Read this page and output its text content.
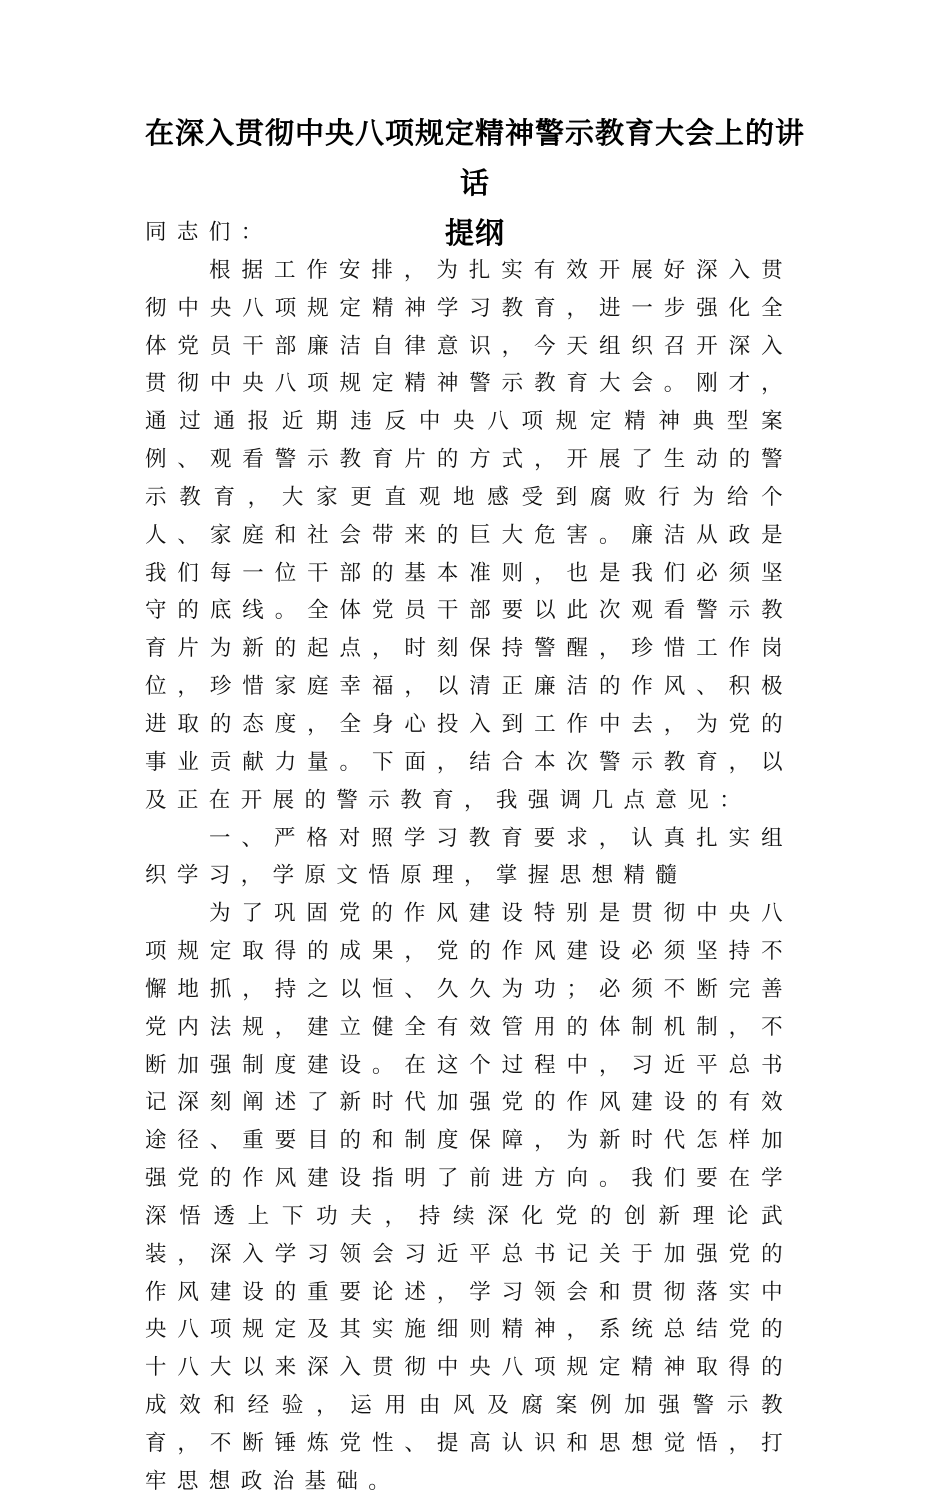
在深入贯彻中央八项规定精神警示教育大会上的讲话
提纲

同志们：

根据工作安排，为扎实有效开展好深入贯彻中央八项规定精神学习教育，进一步强化全体党员干部廉洁自律意识，今天组织召开深入贯彻中央八项规定精神警示教育大会。刚才，通过通报近期违反中央八项规定精神典型案例、观看警示教育片的方式，开展了生动的警示教育，大家更直观地感受到腐败行为给个人、家庭和社会带来的巨大危害。廉洁从政是我们每一位干部的基本准则，也是我们必须坚守的底线。全体党员干部要以此次观看警示教育片为新的起点，时刻保持警醒，珍惜工作岗位，珍惜家庭幸福，以清正廉洁的作风、积极进取的态度，全身心投入到工作中去，为党的事业贡献力量。下面，结合本次警示教育，以及正在开展的警示教育，我强调几点意见：

一、严格对照学习教育要求，认真扎实组织学习，学原文悟原理，掌握思想精髓

为了巩固党的作风建设特别是贯彻中央八项规定取得的成果，党的作风建设必须坚持不懈地抓，持之以恒、久久为功；必须不断完善党内法规，建立健全有效管用的体制机制，不断加强制度建设。在这个过程中，习近平总书记深刻阐述了新时代加强党的作风建设的有效途径、重要目的和制度保障，为新时代怎样加强党的作风建设指明了前进方向。我们要在学深悟透上下功夫，持续深化党的创新理论武装，深入学习领会习近平总书记关于加强党的作风建设的重要论述，学习领会和贯彻落实中央八项规定及其实施细则精神，系统总结党的十八大以来深入贯彻中央八项规定精神取得的成效和经验，运用由风及腐案例加强警示教育，不断锤炼党性、提高认识和思想觉悟，打牢思想政治基础。
